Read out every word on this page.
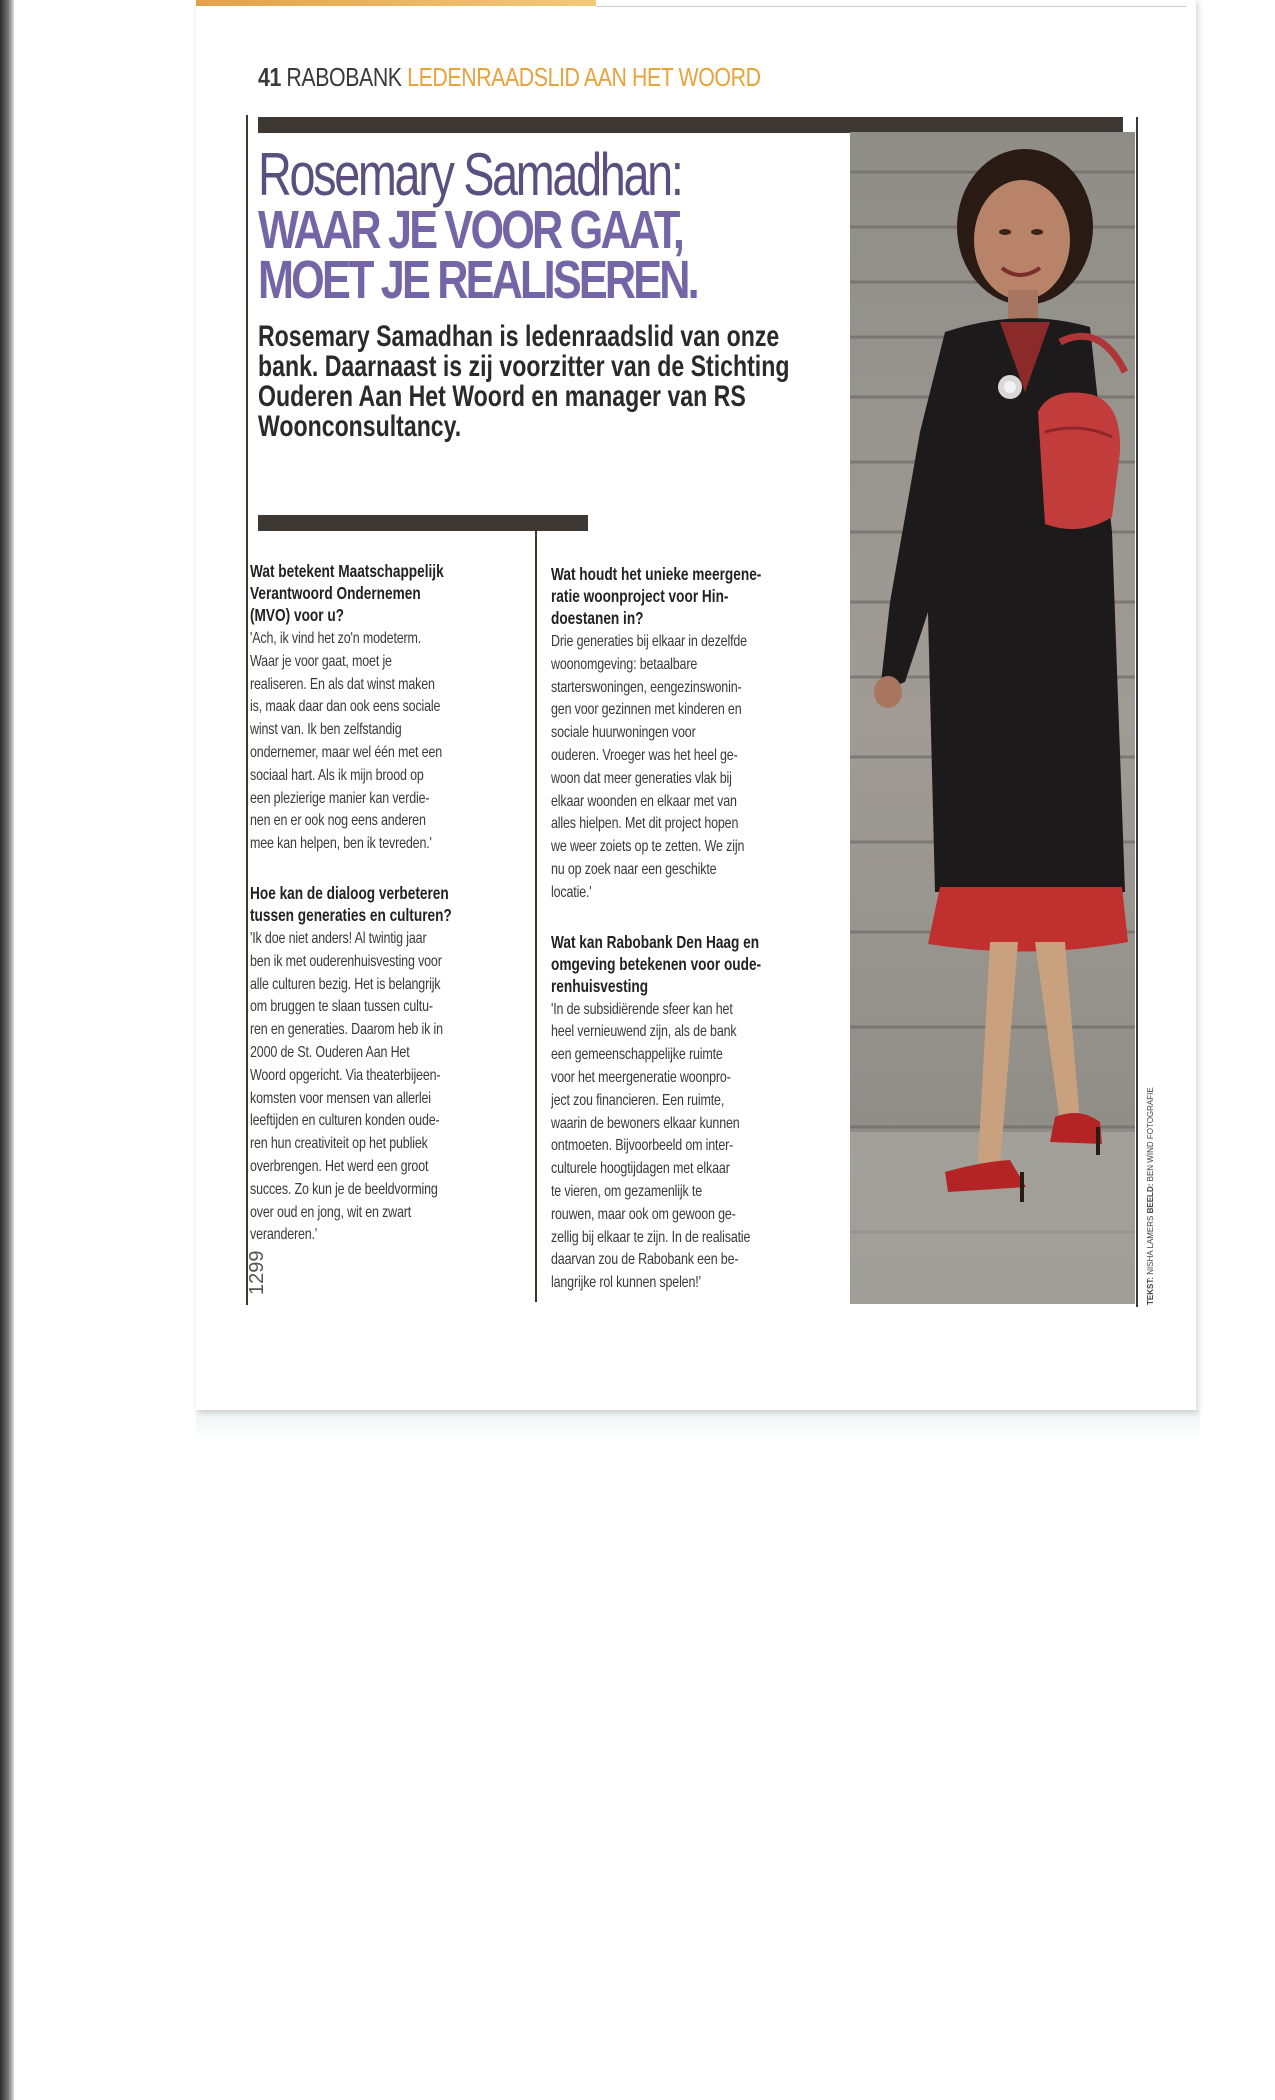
41 RABOBANK LEDENRAADSLID AAN HET WOORD
Rosemary Samadhan:
WAAR JE VOOR GAAT,
MOET JE REALISEREN.
Rosemary Samadhan is ledenraadslid van onze bank. Daarnaast is zij voorzitter van de Stichting Ouderen Aan Het Woord en manager van RS Woonconsultancy.

Wat betekent Maatschappelijk
Verantwoord Ondernemen
(MVO) voor u?

'Ach, ik vind het zo'n modeterm.
Waar je voor gaat, moet je
realiseren. En als dat winst maken
is, maak daar dan ook eens sociale
winst van. Ik ben zelfstandig
ondernemer, maar wel één met een
sociaal hart. Als ik mijn brood op
een plezierige manier kan verdie-
nen en er ook nog eens anderen
mee kan helpen, ben ik tevreden.'

Hoe kan de dialoog verbeteren
tussen generaties en culturen?

'Ik doe niet anders! Al twintig jaar
ben ik met ouderenhuisvesting voor
alle culturen bezig. Het is belangrijk
om bruggen te slaan tussen cultu-
ren en generaties. Daarom heb ik in
2000 de St. Ouderen Aan Het
Woord opgericht. Via theaterbijeen-
komsten voor mensen van allerlei
leeftijden en culturen konden oude-
ren hun creativiteit op het publiek
overbrengen. Het werd een groot
succes. Zo kun je de beeldvorming
over oud en jong, wit en zwart
veranderen.'

Wat houdt het unieke meergene-
ratie woonproject voor Hin-
doestanen in?

Drie generaties bij elkaar in dezelfde
woonomgeving: betaalbare
starterswoningen, eengezinswonin-
gen voor gezinnen met kinderen en
sociale huurwoningen voor
ouderen. Vroeger was het heel ge-
woon dat meer generaties vlak bij
elkaar woonden en elkaar met van
alles hielpen. Met dit project hopen
we weer zoiets op te zetten. We zijn
nu op zoek naar een geschikte
locatie.'

Wat kan Rabobank Den Haag en
omgeving betekenen voor oude-
renhuisvesting

'In de subsidiërende sfeer kan het
heel vernieuwend zijn, als de bank
een gemeenschappelijke ruimte
voor het meergeneratie woonpro-
ject zou financieren. Een ruimte,
waarin de bewoners elkaar kunnen
ontmoeten. Bijvoorbeeld om inter-
culturele hoogtijdagen met elkaar
te vieren, om gezamenlijk te
rouwen, maar ook om gewoon ge-
zellig bij elkaar te zijn. In de realisatie
daarvan zou de Rabobank een be-
langrijke rol kunnen spelen!'

1299	TEKST: NISHA LAMERS BEELD: BEN WIND FOTOGRAFIE
